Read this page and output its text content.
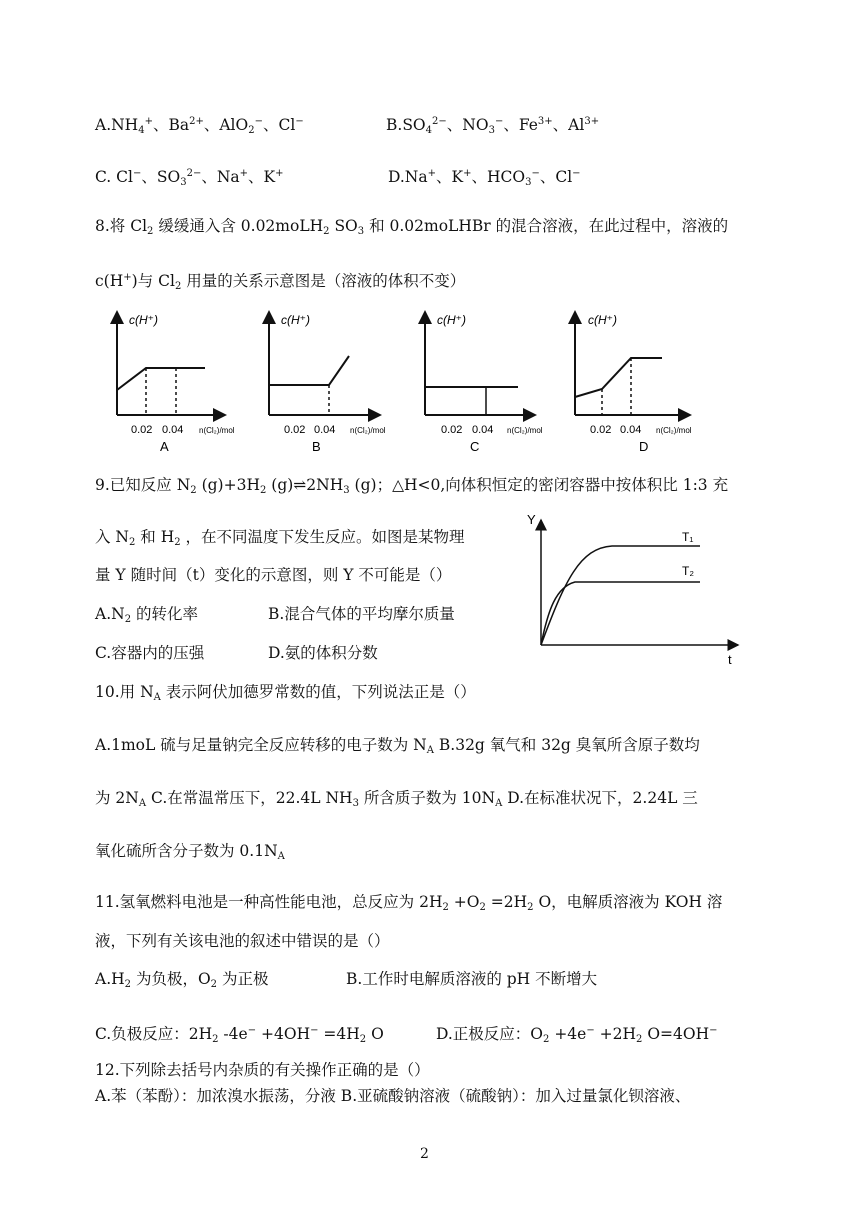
$A.NH_4^+$、$Ba^{2+}$、AlO$_2$−、Cl−	$B.SO_4^{2-}$、$NO_3^-$、$Fe^{3+}$、$Al^{3+}$
C. Cl−、$SO_3^{2-}$、Na+、K+	D.Na+、K+、$HCO_3^-$、Cl−
8.将 $Cl_2$ 缓缓通入含 0.02moLH$_2$ $SO_3$ 和 0.02moLHBr 的混合溶液，在此过程中，溶液的
c(H+)与 $Cl_2$ 用量的关系示意图是（溶液的体积不变）
c(H⁺)
0.02 0.04 n(Cl₂)/mol
A
c(H⁺)
0.02 0.04 n(Cl₂)/mol
B
c(H⁺)
0.02 0.04 n(Cl₂)/mol
C
c(H⁺)
0.02 0.04 n(Cl₂)/mol
D
9.已知反应 $N_2$ $(g)+3H_2$ $(g)\rightleftharpoons 2NH_3$ (g)；△H<0,向体积恒定的密闭容器中按体积比 1:3 充
入 $N_2$ 和 $H_2$ ，在不同温度下发生反应。如图是某物理
量 Y 随时间（t）变化的示意图，则 Y 不可能是（）
$A.N_2$ 的转化率	B.混合气体的平均摩尔质量
C.容器内的压强	D.氨的体积分数
Y
t
T₁
T₂
10.用 $N_A$ 表示阿伏加德罗常数的值，下列说法正是（）
A.1moL 硫与足量钠完全反应转移的电子数为 $N_A$ B.32g 氧气和 32g 臭氧所含原子数均
为 $2N_A$ C.在常温常压下，22.4L $NH_3$ 所含质子数为 $10N_A$ D.在标准状况下，2.24L 三
氧化硫所含分子数为 $0.1N_A$
11.氢氧燃料电池是一种高性能电池，总反应为 $2H_2 +O_2 =2H_2$ O，电解质溶液为 KOH 溶
液，下列有关该电池的叙述中错误的是（）
$A.H_2$ 为负极，$O_2$ 为正极	B.工作时电解质溶液的 pH 不断增大
C.负极反应：$2H_2$ $-4e^- +4OH^- =4H_2$ O	D.正极反应：$O_2 +4e^- +2H_2$ O=4OH−
12.下列除去括号内杂质的有关操作正确的是（）
A.苯（苯酚）：加浓溴水振荡，分液 B.亚硫酸钠溶液（硫酸钠）：加入过量氯化钡溶液、
2
